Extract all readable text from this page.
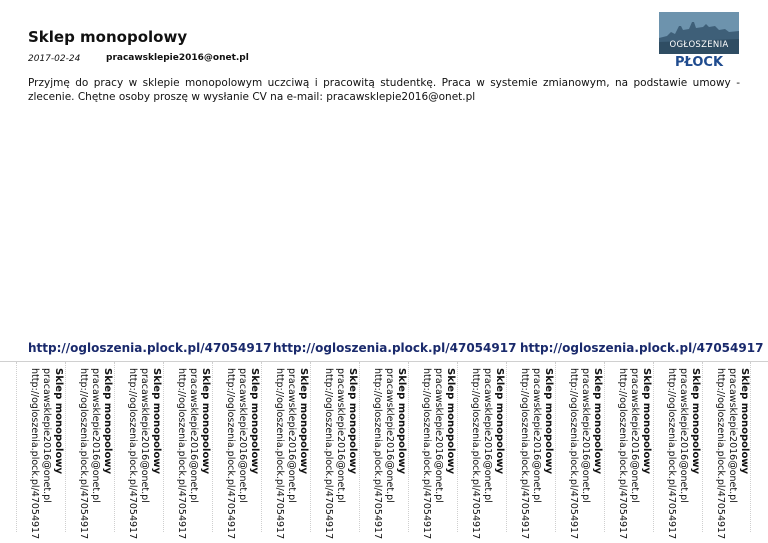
Sklep monopolowy
2017-02-24	pracawsklepie2016@onet.pl
OGŁOSZENIA
PŁOCK
Przyjmę do pracy w sklepie monopolowym uczciwą i pracowitą studentkę. Praca w systemie zmianowym, na podstawie umowy - zlecenie. Chętne osoby proszę w wysłanie CV na e-mail: pracawsklepie2016@onet.pl
http://ogloszenia.plock.pl/47054917 http://ogloszenia.plock.pl/47054917 http://ogloszenia.plock.pl/47054917
Sklep monopolowy
pracawsklepie2016@onet.pl
http://ogloszenia.plock.pl/47054917	Sklep monopolowy
pracawsklepie2016@onet.pl
http://ogloszenia.plock.pl/47054917	Sklep monopolowy
pracawsklepie2016@onet.pl
http://ogloszenia.plock.pl/47054917	Sklep monopolowy
pracawsklepie2016@onet.pl
http://ogloszenia.plock.pl/47054917	Sklep monopolowy
pracawsklepie2016@onet.pl
http://ogloszenia.plock.pl/47054917	Sklep monopolowy
pracawsklepie2016@onet.pl
http://ogloszenia.plock.pl/47054917	Sklep monopolowy
pracawsklepie2016@onet.pl
http://ogloszenia.plock.pl/47054917	Sklep monopolowy
pracawsklepie2016@onet.pl
http://ogloszenia.plock.pl/47054917	Sklep monopolowy
pracawsklepie2016@onet.pl
http://ogloszenia.plock.pl/47054917	Sklep monopolowy
pracawsklepie2016@onet.pl
http://ogloszenia.plock.pl/47054917	Sklep monopolowy
pracawsklepie2016@onet.pl
http://ogloszenia.plock.pl/47054917	Sklep monopolowy
pracawsklepie2016@onet.pl
http://ogloszenia.plock.pl/47054917	Sklep monopolowy
pracawsklepie2016@onet.pl
http://ogloszenia.plock.pl/47054917	Sklep monopolowy
pracawsklepie2016@onet.pl
http://ogloszenia.plock.pl/47054917	Sklep monopolowy
pracawsklepie2016@onet.pl
http://ogloszenia.plock.pl/47054917
